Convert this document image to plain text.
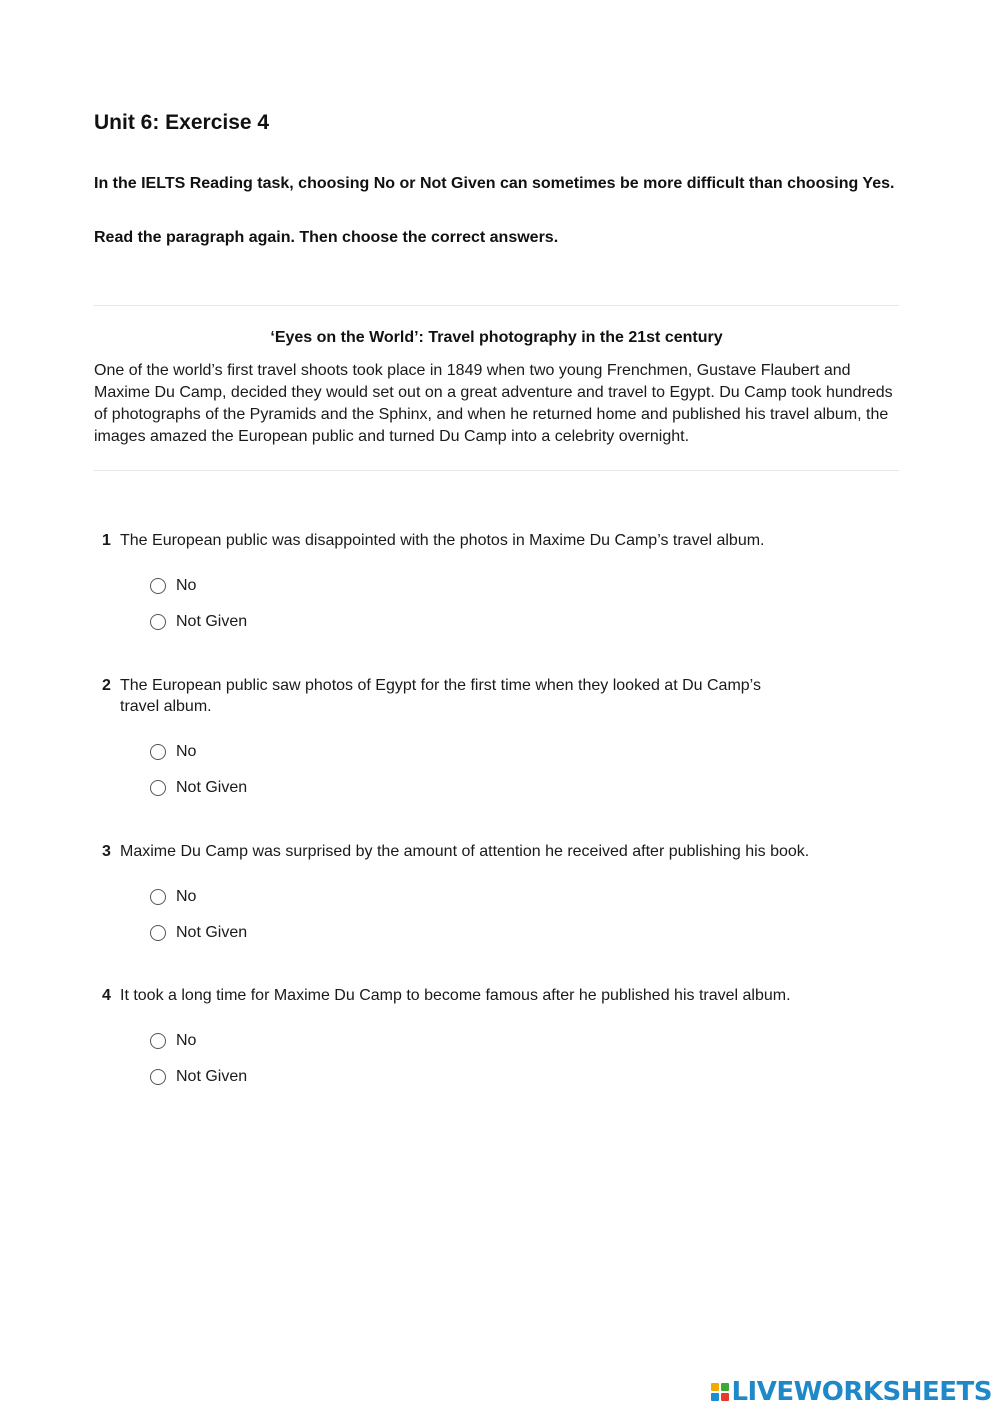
Unit 6: Exercise 4

In the IELTS Reading task, choosing No or Not Given can sometimes be more difficult than choosing Yes.

Read the paragraph again. Then choose the correct answers.

‘Eyes on the World’: Travel photography in the 21st century

One of the world’s first travel shoots took place in 1849 when two young Frenchmen, Gustave Flaubert and Maxime Du Camp, decided they would set out on a great adventure and travel to Egypt. Du Camp took hundreds of photographs of the Pyramids and the Sphinx, and when he returned home and published his travel album, the images amazed the European public and turned Du Camp into a celebrity overnight.

1 The European public was disappointed with the photos in Maxime Du Camp’s travel album.
No
Not Given
2 The European public saw photos of Egypt for the first time when they looked at Du Camp’s travel album.
No
Not Given
3 Maxime Du Camp was surprised by the amount of attention he received after publishing his book.
No
Not Given
4 It took a long time for Maxime Du Camp to become famous after he published his travel album.
No
Not Given
LIVEWORKSHEETS
